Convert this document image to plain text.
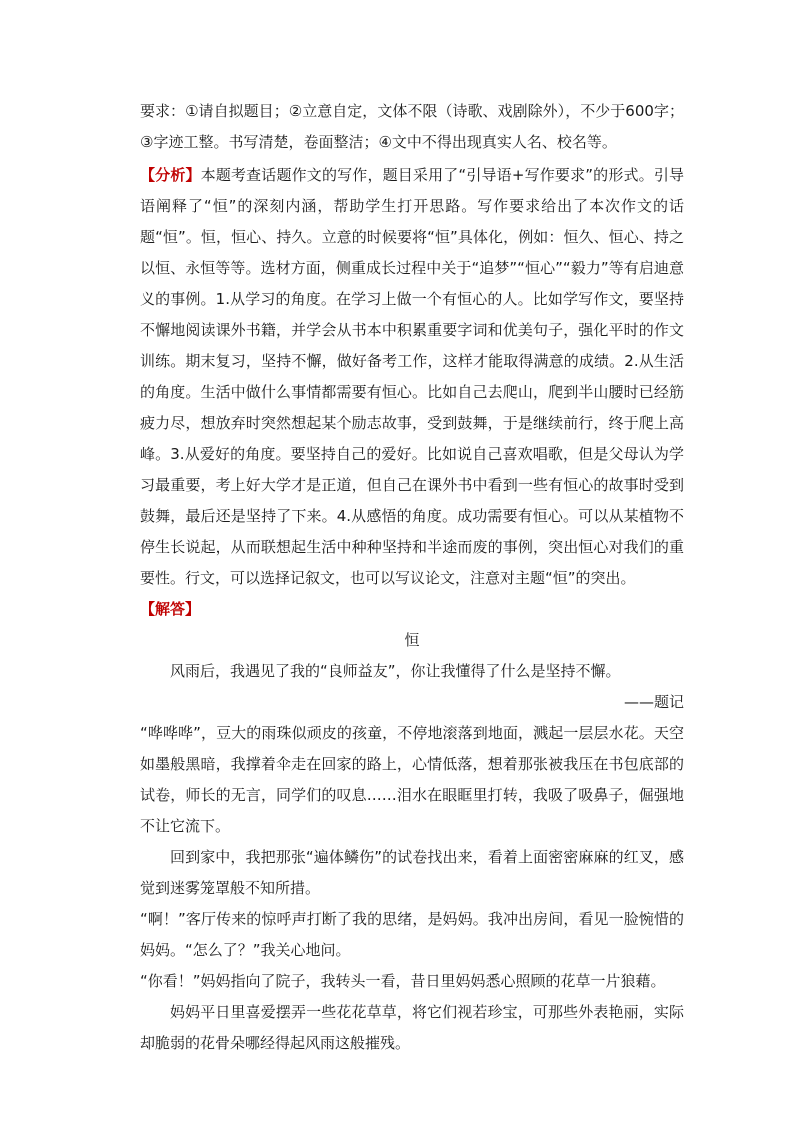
要求：①请自拟题目；②立意自定，文体不限（诗歌、戏剧除外），不少于600字；③字迹工整。书写清楚，卷面整洁；④文中不得出现真实人名、校名等。

【分析】本题考查话题作文的写作，题目采用了“引导语+写作要求”的形式。引导语阐释了“恒”的深刻内涵，帮助学生打开思路。写作要求给出了本次作文的话题“恒”。恒，恒心、持久。立意的时候要将“恒”具体化，例如：恒久、恒心、持之以恒、永恒等等。选材方面，侧重成长过程中关于“追梦”“恒心”“毅力”等有启迪意义的事例。1.从学习的角度。在学习上做一个有恒心的人。比如学写作文，要坚持不懈地阅读课外书籍，并学会从书本中积累重要字词和优美句子，强化平时的作文训练。期末复习，坚持不懈，做好备考工作，这样才能取得满意的成绩。2.从生活的角度。生活中做什么事情都需要有恒心。比如自己去爬山，爬到半山腰时已经筋疲力尽，想放弃时突然想起某个励志故事，受到鼓舞，于是继续前行，终于爬上高峰。3.从爱好的角度。要坚持自己的爱好。比如说自己喜欢唱歌，但是父母认为学习最重要，考上好大学才是正道，但自己在课外书中看到一些有恒心的故事时受到鼓舞，最后还是坚持了下来。4.从感悟的角度。成功需要有恒心。可以从某植物不停生长说起，从而联想起生活中种种坚持和半途而废的事例，突出恒心对我们的重要性。行文，可以选择记叙文，也可以写议论文，注意对主题“恒”的突出。

【解答】

恒

风雨后，我遇见了我的“良师益友”，你让我懂得了什么是坚持不懈。

——题记

“哗哗哗”，豆大的雨珠似顽皮的孩童，不停地滚落到地面，溅起一层层水花。天空如墨般黑暗，我撑着伞走在回家的路上，心情低落，想着那张被我压在书包底部的试卷，师长的无言，同学们的叹息……泪水在眼眶里打转，我吸了吸鼻子，倔强地不让它流下。

回到家中，我把那张“遍体鳞伤”的试卷找出来，看着上面密密麻麻的红叉，感觉到迷雾笼罩般不知所措。

“啊！”客厅传来的惊呼声打断了我的思绪，是妈妈。我冲出房间，看见一脸惋惜的妈妈。“怎么了？”我关心地问。

“你看！”妈妈指向了院子，我转头一看，昔日里妈妈悉心照顾的花草一片狼藉。

妈妈平日里喜爱摆弄一些花花草草，将它们视若珍宝，可那些外表艳丽，实际却脆弱的花骨朵哪经得起风雨这般摧残。
